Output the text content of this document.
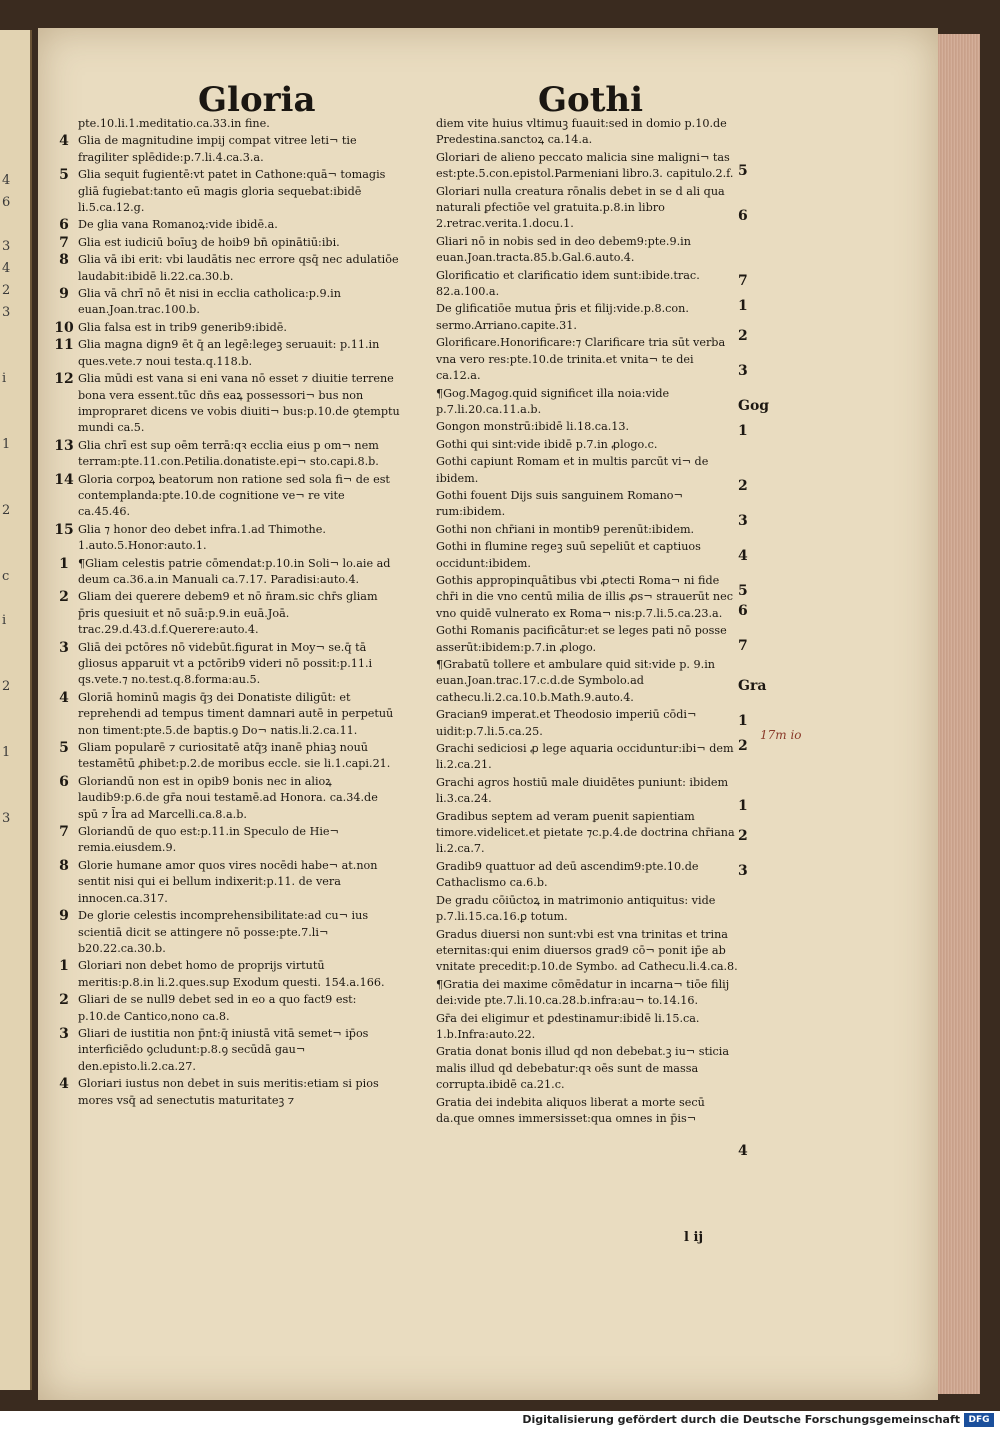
4
6

3
4
2
3

i

1

2

c

i

2

1

3
Gloria	Gothi
pte.10.li.1.meditatio.ca.33.in fine.
4 Glia de magnitudine impij compat vitree leti¬ tie fragiliter splēdide:p.7.li.4.ca.3.a.
5 Glia sequit fugientē:vt patet in Cathone:quā¬ tomagis gliā fugiebat:tanto eū magis gloria sequebat:ibidē li.5.ca.12.g.
6 De glia vana Romanoꝝ:vide ibidē.a.
7 Glia est iudiciū boīuꝫ de hoib9 bn̄ opinātiū:ibi.
8 Glia vā ibi erit: vbi laudātis nec errore qsq̄ nec adulatiōe laudabit:ibidē li.22.ca.30.b.
9 Glia vā chrī nō ēt nisi in ecclia catholica:p.9.in euan.Joan.trac.100.b.
10 Glia falsa est in trib9 generib9:ibidē.
11 Glia magna dign9 ēt q̄ an legē:legeꝫ seruauit: p.11.in ques.vete.⁊ noui testa.q.118.b.
12 Glia mūdi est vana si eni vana nō esset ⁊ diuitie terrene bona vera essent.tūc dn̄s eaꝝ possessori¬ bus non impropraret dicens ve vobis diuiti¬ bus:p.10.de ꝯtemptu mundi ca.5.
13 Glia chrī est sup oēm terrā:qꝛ ecclia eius p om¬ nem terram:pte.11.con.Petilia.donatiste.epi¬ sto.capi.8.b.
14 Gloria corpoꝝ beatorum non ratione sed sola fi¬ de est contemplanda:pte.10.de cognitione ve¬ re vite ca.45.46.
15 Glia ⁊ honor deo debet infra.1.ad Thimothe. 1.auto.5.Honor:auto.1.
1 ¶Gliam celestis patrie cōmendat:p.10.in Soli¬ lo.aie ad deum ca.36.a.in Manuali ca.7.17. Paradisi:auto.4.
2 Gliam dei querere debem9 et nō n̄ram.sic chr̄s gliam p̄ris quesiuit et nō suā:p.9.in euā.Joā. trac.29.d.43.d.f.Querere:auto.4.
3 Gliā dei pctōres nō videbūt.figurat in Moy¬ se.q̄ tā gliosus apparuit vt a pctōrib9 videri nō possit:p.11.i qs.vete.⁊ no.test.q.8.forma:au.5.
4 Gloriā hominū magis q̄ȝ dei Donatiste diligūt: et reprehendi ad tempus timent damnari autē in perpetuū non timent:pte.5.de baptis.ꝯ Do¬ natis.li.2.ca.11.
5 Gliam popularē ⁊ curiositatē atq̄ȝ inanē phiaꝫ nouū testamētū ꝓhibet:p.2.de moribus eccle. sie li.1.capi.21.
6 Gloriandū non est in opib9 bonis nec in alioꝝ laudib9:p.6.de gr̄a noui testamē.ad Honora. ca.34.de spū ⁊ l̄ra ad Marcelli.ca.8.a.b.
7 Gloriandū de quo est:p.11.in Speculo de Hie¬ remia.eiusdem.9.
8 Glorie humane amor quos vires nocēdi habe¬ at.non sentit nisi qui ei bellum indixerit:p.11. de vera innocen.ca.317.
9 De glorie celestis incomprehensibilitate:ad cu¬ ius scientiā dicit se attingere nō posse:pte.7.li¬ b20.22.ca.30.b.
1 Gloriari non debet homo de proprijs virtutū meritis:p.8.in li.2.ques.sup Exodum questi. 154.a.166.
2 Gliari de se null9 debet sed in eo a quo fact9 est: p.10.de Cantico,nono ca.8.
3 Gliari de iustitia non p̄nt:q̄ iniustā vitā semet¬ ip̄os interficiēdo ꝯcludunt:p.8.ꝯ secūdā gau¬ den.episto.li.2.ca.27.
4 Gloriari iustus non debet in suis meritis:etiam si pios mores vsq̄ ad senectutis maturitateꝫ ⁊
diem vite huius vltimuꝫ fuauit:sed in domio p.10.de Predestina.sanctoꝝ ca.14.a.
Gloriari de alieno peccato malicia sine maligni¬ tas est:pte.5.con.epistol.Parmeniani libro.3. capitulo.2.f.
Gloriari nulla creatura rōnalis debet in se d ali qua naturali ꝑfectiōe vel gratuita.p.8.in libro 2.retrac.verita.1.docu.1.
Gliari nō in nobis sed in deo debem9:pte.9.in euan.Joan.tracta.85.b.Gal.6.auto.4.
Glorificatio et clarificatio idem sunt:ibide.trac. 82.a.100.a.
De glificatiōe mutua p̄ris et filij:vide.p.8.con. sermo.Arriano.capite.31.
Glorificare.Honorificare:⁊ Clarificare tria sūt verba vna vero res:pte.10.de trinita.et vnita¬ te dei ca.12.a.
¶Gog.Magog.quid significet illa noia:vide p.7.li.20.ca.11.a.b.
Gongon monstrū:ibidē li.18.ca.13.
Gothi qui sint:vide ibidē p.7.in ꝓlogo.c.
Gothi capiunt Romam et in multis parcūt vi¬ de ibidem.
Gothi fouent Dijs suis sanguinem Romano¬ rum:ibidem.
Gothi non chr̄iani in montib9 perenūt:ibidem.
Gothi in flumine regeꝫ suū sepeliūt et captiuos occidunt:ibidem.
Gothis appropinquātibus vbi ꝓtecti Roma¬ ni fide chr̄i in die vno centū milia de illis ꝓs¬ strauerūt nec vno quidē vulnerato ex Roma¬ nis:p.7.li.5.ca.23.a.
Gothi Romanis pacificātur:et se leges pati nō posse asserūt:ibidem:p.7.in ꝓlogo.
¶Grabatū tollere et ambulare quid sit:vide p. 9.in euan.Joan.trac.17.c.d.de Symbolo.ad cathecu.li.2.ca.10.b.Math.9.auto.4.
Gracian9 imperat.et Theodosio imperiū cōdi¬ uidit:p.7.li.5.ca.25.
Grachi sediciosi ꝓ lege aquaria occiduntur:ibi¬ dem li.2.ca.21.
Grachi agros hostiū male diuidētes puniunt: ibidem li.3.ca.24.
Gradibus septem ad veram ꝑuenit sapientiam timore.videlicet.et pietate ⁊c.p.4.de doctrina chr̄iana li.2.ca.7.
Gradib9 quattuor ad deū ascendim9:pte.10.de Cathaclismo ca.6.b.
De gradu cōiūctoꝝ in matrimonio antiquitus: vide p.7.li.15.ca.16.ꝑ totum.
Gradus diuersi non sunt:vbi est vna trinitas et trina eternitas:qui enim diuersos grad9 cō¬ ponit ip̄e ab vnitate precedit:p.10.de Symbo. ad Cathecu.li.4.ca.8.
¶Gratia dei maxime cōmēdatur in incarna¬ tiōe filij dei:vide pte.7.li.10.ca.28.b.infra:au¬ to.14.16.
Gr̄a dei eligimur et ꝑdestinamur:ibidē li.15.ca. 1.b.Infra:auto.22.
Gratia donat bonis illud qd non debebat.ꝫ iu¬ sticia malis illud qd debebatur:qꝛ oēs sunt de massa corrupta.ibidē ca.21.c.
Gratia dei indebita aliquos liberat a morte secū da.que omnes immersisset:qua omnes in p̄is¬
5
6
7
1
2
3
Gog
1
2
3
4
5
6
7
Gra
1
2
1
2
3
4
17m io
l ij
Digitalisierung gefördert durch die Deutsche Forschungsgemeinschaft DFG
